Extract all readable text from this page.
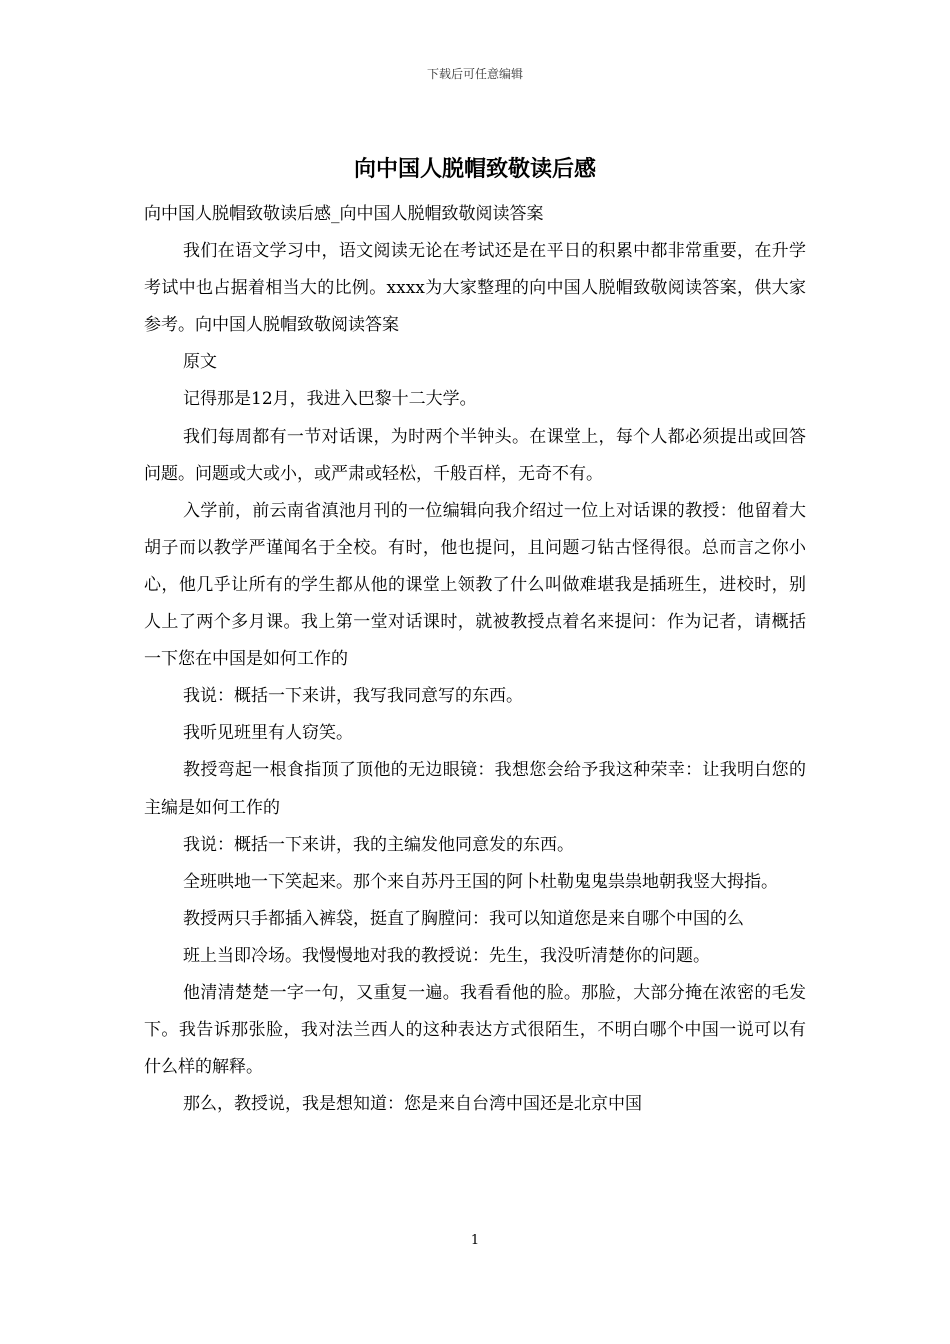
下载后可任意编辑
向中国人脱帽致敬读后感

向中国人脱帽致敬读后感_向中国人脱帽致敬阅读答案

我们在语文学习中，语文阅读无论在考试还是在平日的积累中都非常重要，在升学考试中也占据着相当大的比例。xxxx为大家整理的向中国人脱帽致敬阅读答案，供大家参考。向中国人脱帽致敬阅读答案

原文

记得那是12月，我进入巴黎十二大学。

我们每周都有一节对话课，为时两个半钟头。在课堂上，每个人都必须提出或回答问题。问题或大或小，或严肃或轻松，千般百样，无奇不有。

入学前，前云南省滇池月刊的一位编辑向我介绍过一位上对话课的教授：他留着大胡子而以教学严谨闻名于全校。有时，他也提问，且问题刁钻古怪得很。总而言之你小心，他几乎让所有的学生都从他的课堂上领教了什么叫做难堪我是插班生，进校时，别人上了两个多月课。我上第一堂对话课时，就被教授点着名来提问：作为记者，请概括一下您在中国是如何工作的

我说：概括一下来讲，我写我同意写的东西。

我听见班里有人窃笑。

教授弯起一根食指顶了顶他的无边眼镜：我想您会给予我这种荣幸：让我明白您的主编是如何工作的

我说：概括一下来讲，我的主编发他同意发的东西。

全班哄地一下笑起来。那个来自苏丹王国的阿卜杜勒鬼鬼祟祟地朝我竖大拇指。

教授两只手都插入裤袋，挺直了胸膛问：我可以知道您是来自哪个中国的么

班上当即冷场。我慢慢地对我的教授说：先生，我没听清楚你的问题。

他清清楚楚一字一句，又重复一遍。我看看他的脸。那脸，大部分掩在浓密的毛发下。我告诉那张脸，我对法兰西人的这种表达方式很陌生，不明白哪个中国一说可以有什么样的解释。

那么，教授说，我是想知道：您是来自台湾中国还是北京中国

1
